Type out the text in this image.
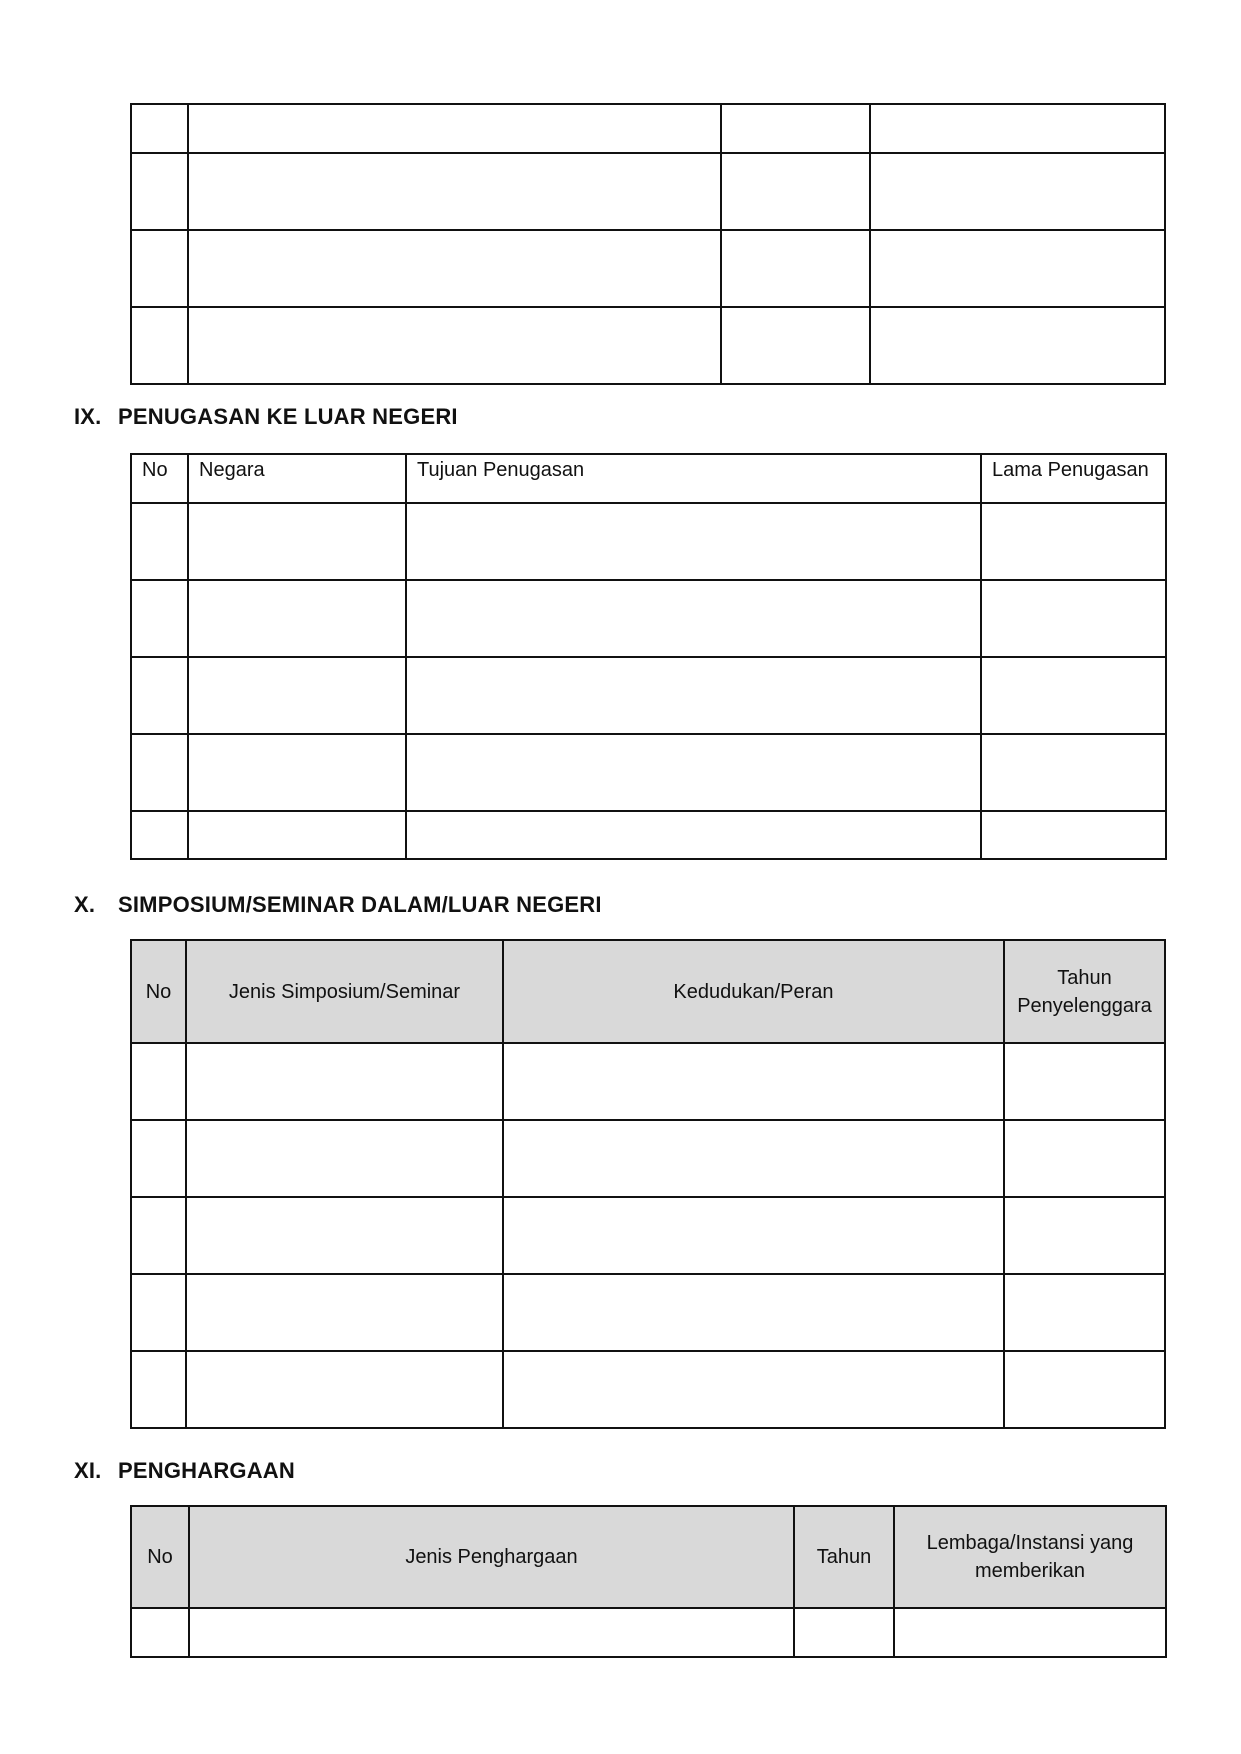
IX. PENUGASAN KE LUAR NEGERI
No	Negara	Tujuan Penugasan	Lama Penugasan

X. SIMPOSIUM/SEMINAR DALAM/LUAR NEGERI
No	Jenis Simposium/Seminar	Kedudukan/Peran	Tahun Penyelenggara

XI. PENGHARGAAN
No	Jenis Penghargaan	Tahun	Lembaga/Instansi yang memberikan
